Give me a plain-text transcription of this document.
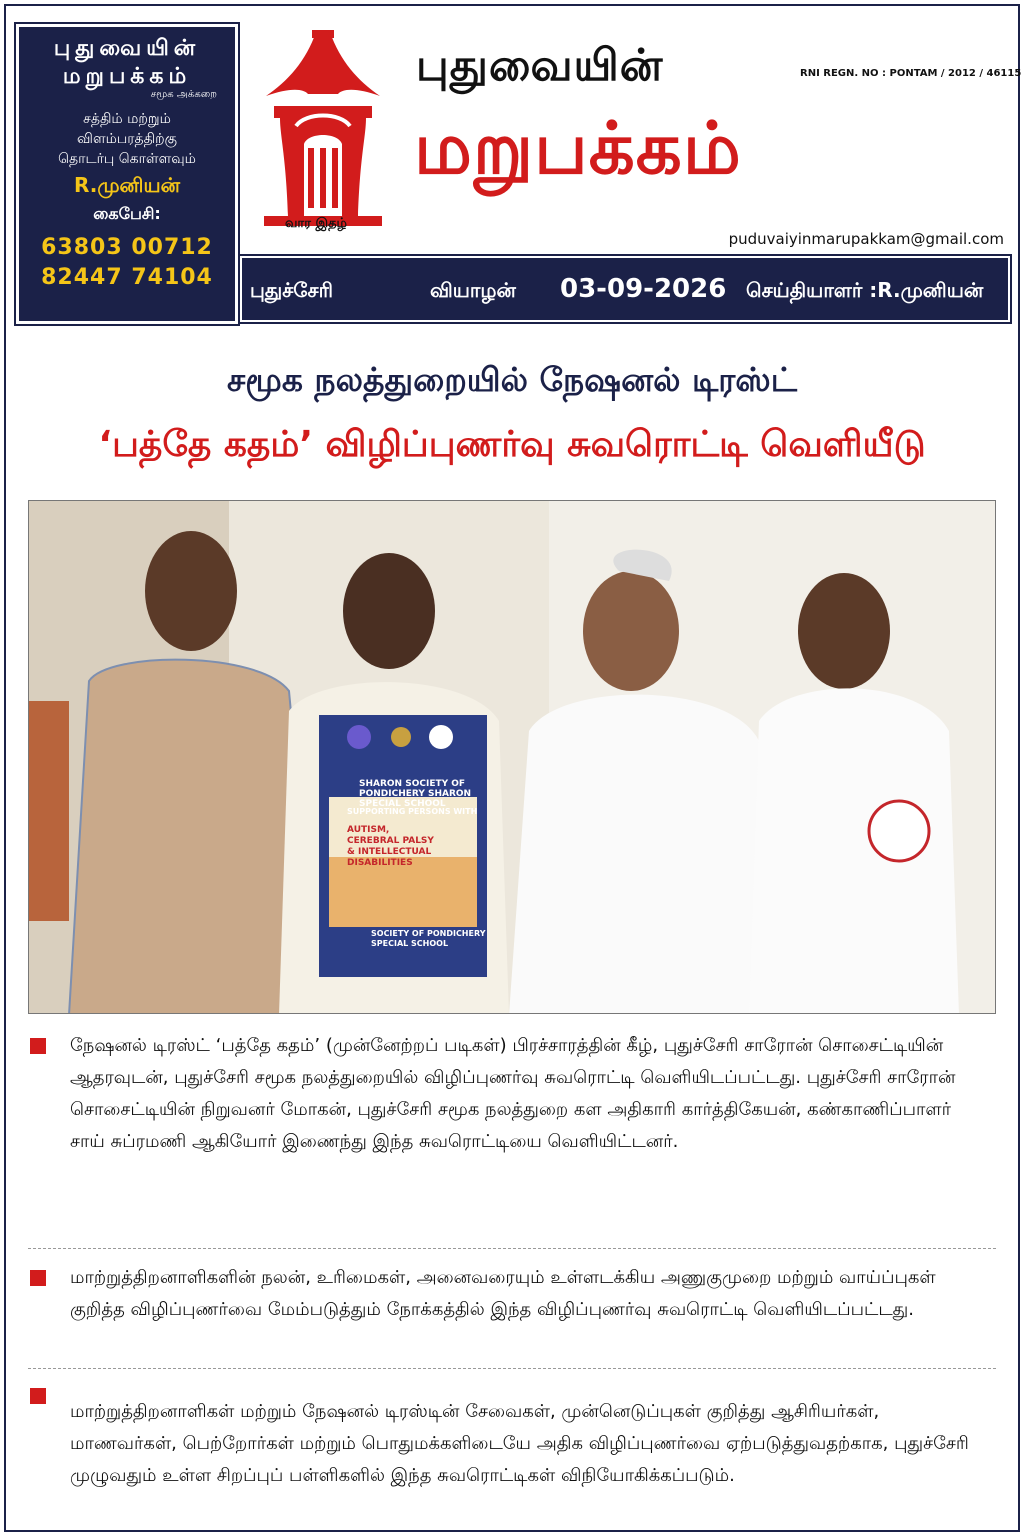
புதுவையின்
மறுபக்கம்
சமூக அக்கறை
சத்திம் மற்றும்
விளம்பரத்திற்கு
தொடர்பு கொள்ளவும்
R.முனியன்
கைபேசி:
63803 00712
82447 74104
வார இதழ்
புதுவையின்
மறுபக்கம்
RNI REGN. NO : PONTAM / 2012 / 46115
puduvaiyinmarupakkam@gmail.com
புதுச்சேரி	வியாழன் 03-09-2026 செய்தியாளர் :R.முனியன்
சமூக நலத்துறையில் நேஷனல் டிரஸ்ட்
‘பத்தே கதம்’ விழிப்புணர்வு சுவரொட்டி வெளியீடு
SHARON SOCIETY OF PONDICHERY SHARON SPECIAL SCHOOL
SUPPORTING PERSONS WITH
AUTISM,
CEREBRAL PALSY
& INTELLECTUAL
DISABILITIES
SOCIETY OF PONDICHERY SPECIAL SCHOOL

நேஷனல் டிரஸ்ட் ‘பத்தே கதம்’ (முன்னேற்றப் படிகள்) பிரச்சாரத்தின் கீழ், புதுச்சேரி சாரோன் சொசைட்டியின் ஆதரவுடன், புதுச்சேரி சமூக நலத்துறையில் விழிப்புணர்வு சுவரொட்டி வெளியிடப்பட்டது. புதுச்சேரி சாரோன் சொசைட்டியின் நிறுவனர் மோகன், புதுச்சேரி சமூக நலத்துறை கள அதிகாரி கார்த்திகேயன், கண்காணிப்பாளர் சாய் சுப்ரமணி ஆகியோர் இணைந்து இந்த சுவரொட்டியை வெளியிட்டனர்.

மாற்றுத்திறனாளிகளின் நலன், உரிமைகள், அனைவரையும் உள்ளடக்கிய அணுகுமுறை மற்றும் வாய்ப்புகள் குறித்த விழிப்புணர்வை மேம்படுத்தும் நோக்கத்தில் இந்த விழிப்புணர்வு சுவரொட்டி வெளியிடப்பட்டது.

மாற்றுத்திறனாளிகள் மற்றும் நேஷனல் டிரஸ்டின் சேவைகள், முன்னெடுப்புகள் குறித்து ஆசிரியர்கள், மாணவர்கள், பெற்றோர்கள் மற்றும் பொதுமக்களிடையே அதிக விழிப்புணர்வை ஏற்படுத்துவதற்காக, புதுச்சேரி முழுவதும் உள்ள சிறப்புப் பள்ளிகளில் இந்த சுவரொட்டிகள் விநியோகிக்கப்படும்.
